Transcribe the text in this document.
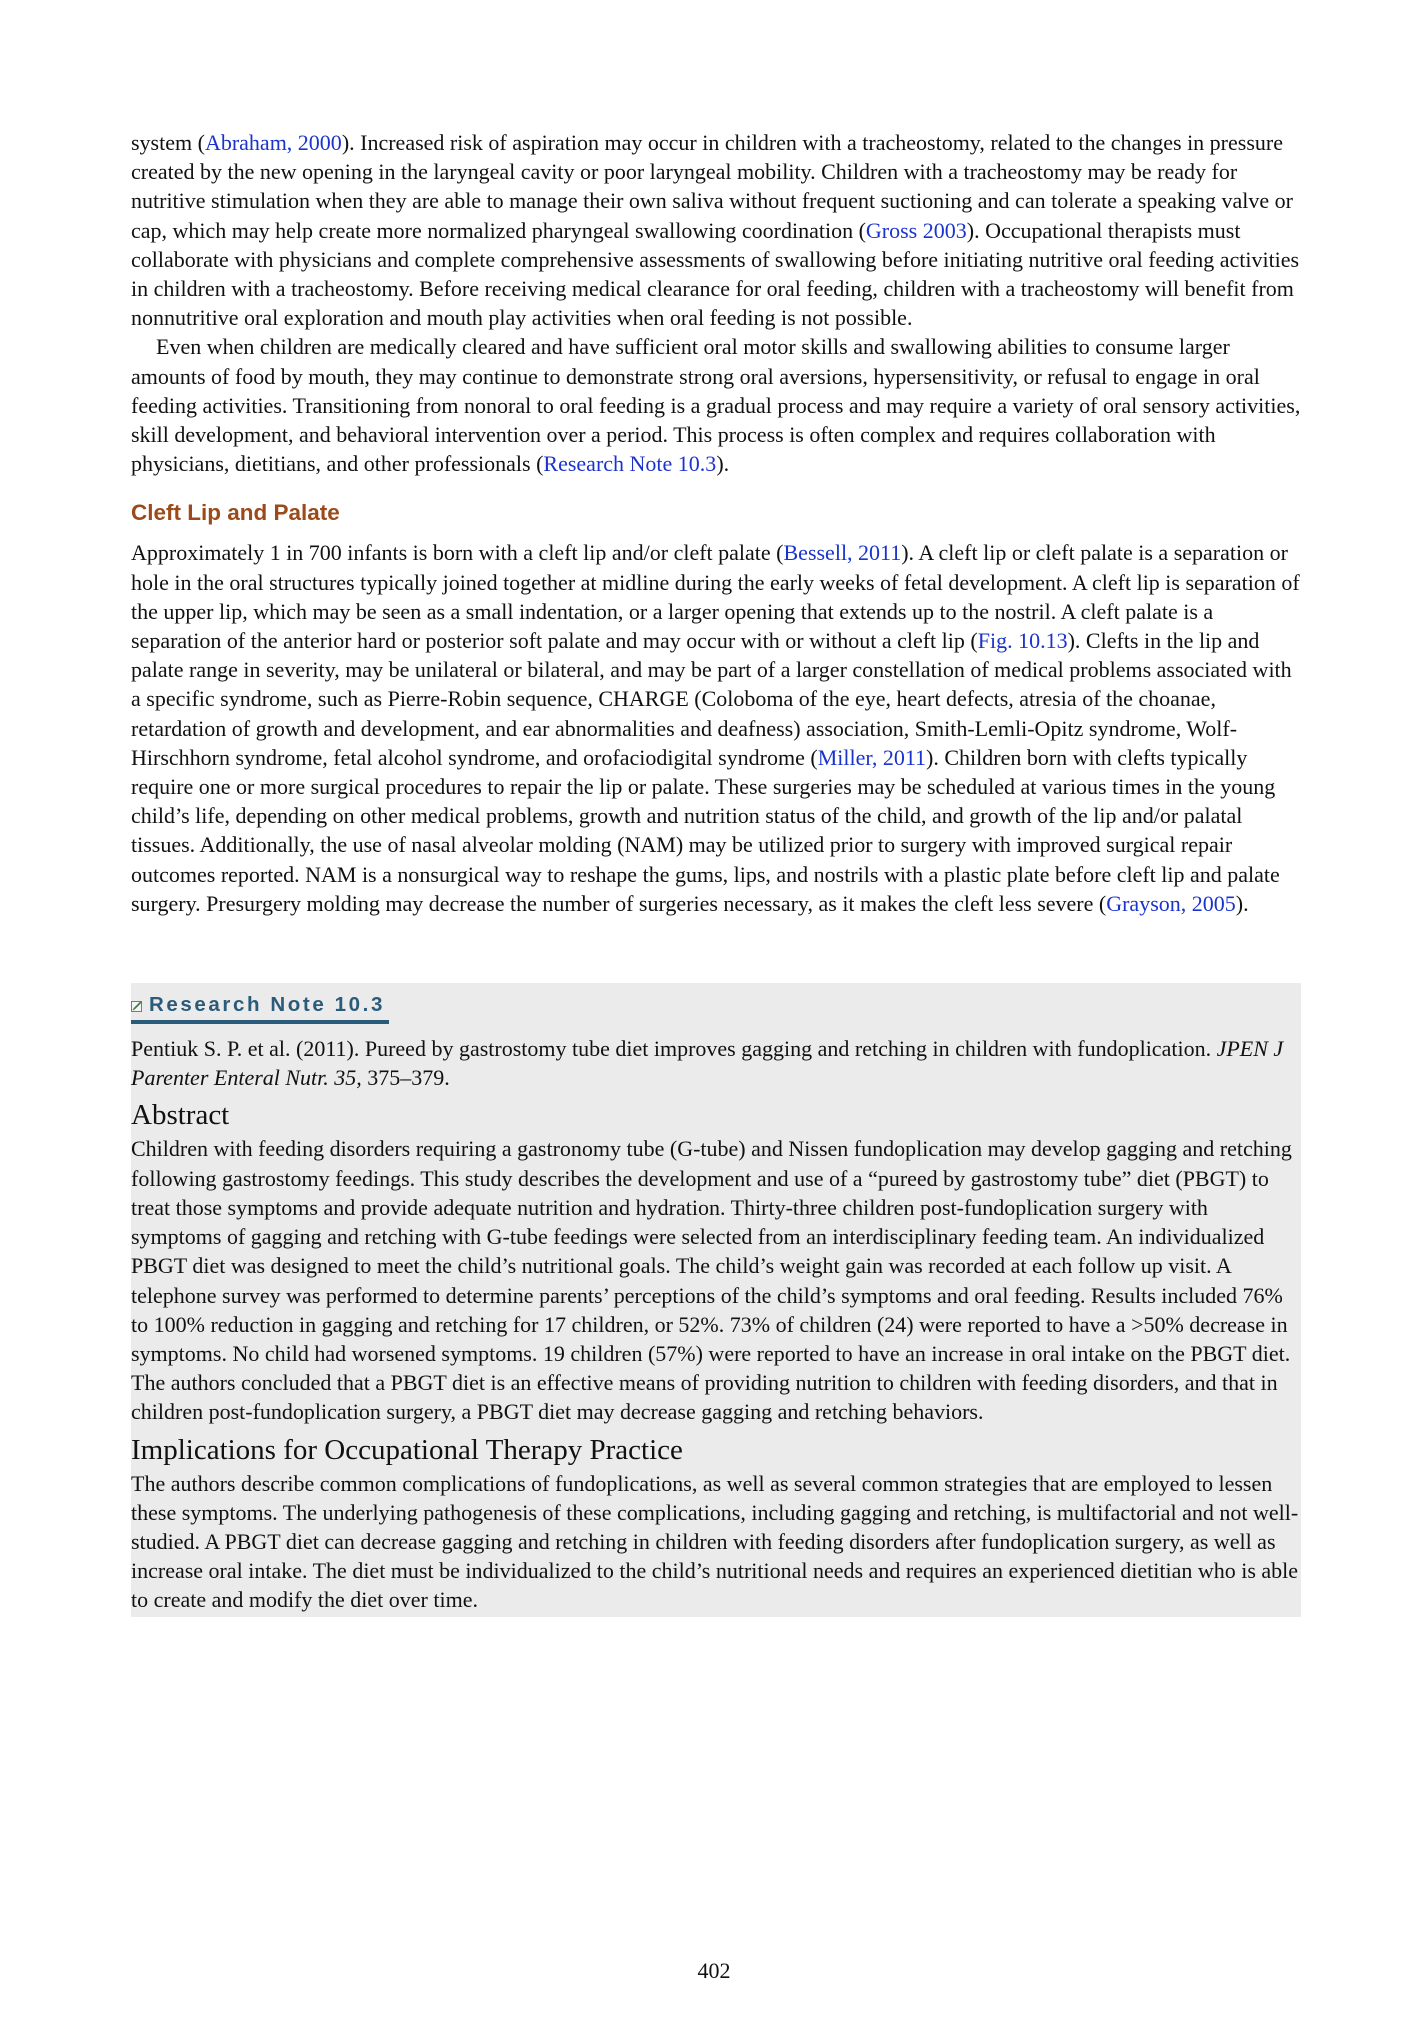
system (Abraham, 2000). Increased risk of aspiration may occur in children with a tracheostomy, related to the changes in pressure created by the new opening in the laryngeal cavity or poor laryngeal mobility. Children with a tracheostomy may be ready for nutritive stimulation when they are able to manage their own saliva without frequent suctioning and can tolerate a speaking valve or cap, which may help create more normalized pharyngeal swallowing coordination (Gross 2003). Occupational therapists must collaborate with physicians and complete comprehensive assessments of swallowing before initiating nutritive oral feeding activities in children with a tracheostomy. Before receiving medical clearance for oral feeding, children with a tracheostomy will benefit from nonnutritive oral exploration and mouth play activities when oral feeding is not possible.

Even when children are medically cleared and have sufficient oral motor skills and swallowing abilities to consume larger amounts of food by mouth, they may continue to demonstrate strong oral aversions, hypersensitivity, or refusal to engage in oral feeding activities. Transitioning from nonoral to oral feeding is a gradual process and may require a variety of oral sensory activities, skill development, and behavioral intervention over a period. This process is often complex and requires collaboration with physicians, dietitians, and other professionals (Research Note 10.3).

Cleft Lip and Palate

Approximately 1 in 700 infants is born with a cleft lip and/or cleft palate (Bessell, 2011). A cleft lip or cleft palate is a separation or hole in the oral structures typically joined together at midline during the early weeks of fetal development. A cleft lip is separation of the upper lip, which may be seen as a small indentation, or a larger opening that extends up to the nostril. A cleft palate is a separation of the anterior hard or posterior soft palate and may occur with or without a cleft lip (Fig. 10.13). Clefts in the lip and palate range in severity, may be unilateral or bilateral, and may be part of a larger constellation of medical problems associated with a specific syndrome, such as Pierre-Robin sequence, CHARGE (Coloboma of the eye, heart defects, atresia of the choanae, retardation of growth and development, and ear abnormalities and deafness) association, Smith-Lemli-Opitz syndrome, Wolf-Hirschhorn syndrome, fetal alcohol syndrome, and orofaciodigital syndrome (Miller, 2011). Children born with clefts typically require one or more surgical procedures to repair the lip or palate. These surgeries may be scheduled at various times in the young child’s life, depending on other medical problems, growth and nutrition status of the child, and growth of the lip and/or palatal tissues. Additionally, the use of nasal alveolar molding (NAM) may be utilized prior to surgery with improved surgical repair outcomes reported. NAM is a nonsurgical way to reshape the gums, lips, and nostrils with a plastic plate before cleft lip and palate surgery. Presurgery molding may decrease the number of surgeries necessary, as it makes the cleft less severe (Grayson, 2005).

Research Note 10.3

Pentiuk S. P. et al. (2011). Pureed by gastrostomy tube diet improves gagging and retching in children with fundoplication. JPEN J Parenter Enteral Nutr. 35, 375–379.

Abstract

Children with feeding disorders requiring a gastronomy tube (G-tube) and Nissen fundoplication may develop gagging and retching following gastrostomy feedings. This study describes the development and use of a “pureed by gastrostomy tube” diet (PBGT) to treat those symptoms and provide adequate nutrition and hydration. Thirty-three children post-fundoplication surgery with symptoms of gagging and retching with G-tube feedings were selected from an interdisciplinary feeding team. An individualized PBGT diet was designed to meet the child’s nutritional goals. The child’s weight gain was recorded at each follow up visit. A telephone survey was performed to determine parents’ perceptions of the child’s symptoms and oral feeding. Results included 76% to 100% reduction in gagging and retching for 17 children, or 52%. 73% of children (24) were reported to have a >50% decrease in symptoms. No child had worsened symptoms. 19 children (57%) were reported to have an increase in oral intake on the PBGT diet. The authors concluded that a PBGT diet is an effective means of providing nutrition to children with feeding disorders, and that in children post-fundoplication surgery, a PBGT diet may decrease gagging and retching behaviors.

Implications for Occupational Therapy Practice

The authors describe common complications of fundoplications, as well as several common strategies that are employed to lessen these symptoms. The underlying pathogenesis of these complications, including gagging and retching, is multifactorial and not well-studied. A PBGT diet can decrease gagging and retching in children with feeding disorders after fundoplication surgery, as well as increase oral intake. The diet must be individualized to the child’s nutritional needs and requires an experienced dietitian who is able to create and modify the diet over time.

402
